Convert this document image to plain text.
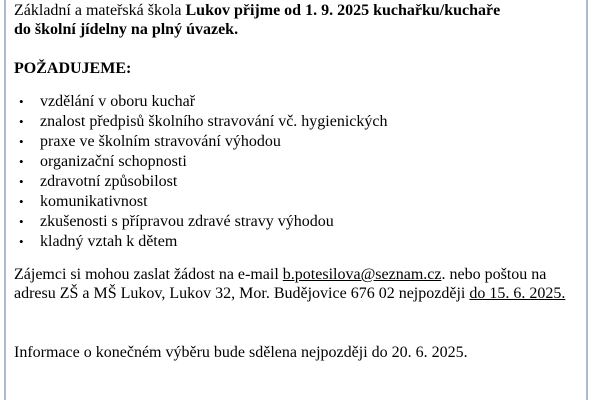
Základní a mateřská škola Lukov přijme od 1. 9. 2025 kuchařku/kuchaře
do školní jídelny na plný úvazek.

POŽADUJEME:

• vzdělání v oboru kuchař
• znalost předpisů školního stravování vč. hygienických
• praxe ve školním stravování výhodou
• organizační schopnosti
• zdravotní způsobilost
• komunikativnost
• zkušenosti s přípravou zdravé stravy výhodou
• kladný vztah k dětem

Zájemci si mohou zaslat žádost na e-mail b.potesilova@seznam.cz. nebo poštou na adresu ZŠ a MŠ Lukov, Lukov 32, Mor. Budějovice 676 02 nejpozději do 15. 6. 2025.

Informace o konečném výběru bude sdělena nejpozději do 20. 6. 2025.
